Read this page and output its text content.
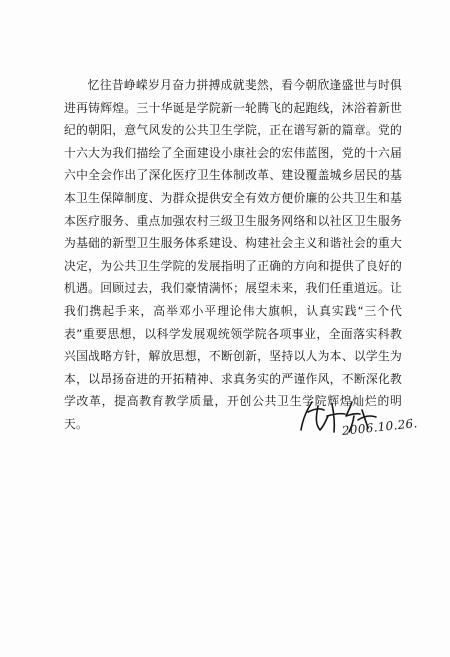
忆往昔峥嵘岁月奋力拼搏成就斐然，看今朝欣逢盛世与时俱进再铸辉煌。三十华诞是学院新一轮腾飞的起跑线，沐浴着新世纪的朝阳，意气风发的公共卫生学院，正在谱写新的篇章。党的十六大为我们描绘了全面建设小康社会的宏伟蓝图，党的十六届六中全会作出了深化医疗卫生体制改革、建设覆盖城乡居民的基本卫生保障制度、为群众提供安全有效方便价廉的公共卫生和基本医疗服务、重点加强农村三级卫生服务网络和以社区卫生服务为基础的新型卫生服务体系建设、构建社会主义和谐社会的重大决定，为公共卫生学院的发展指明了正确的方向和提供了良好的机遇。回顾过去，我们豪情满怀；展望未来，我们任重道远。让我们携起手来，高举邓小平理论伟大旗帜，认真实践“三个代表”重要思想，以科学发展观统领学院各项事业，全面落实科教兴国战略方针，解放思想，不断创新，坚持以人为本、以学生为本，以昂扬奋进的开拓精神、求真务实的严谨作风，不断深化教学改革，提高教育教学质量，开创公共卫生学院辉煌灿烂的明天。	2006.10.26.
